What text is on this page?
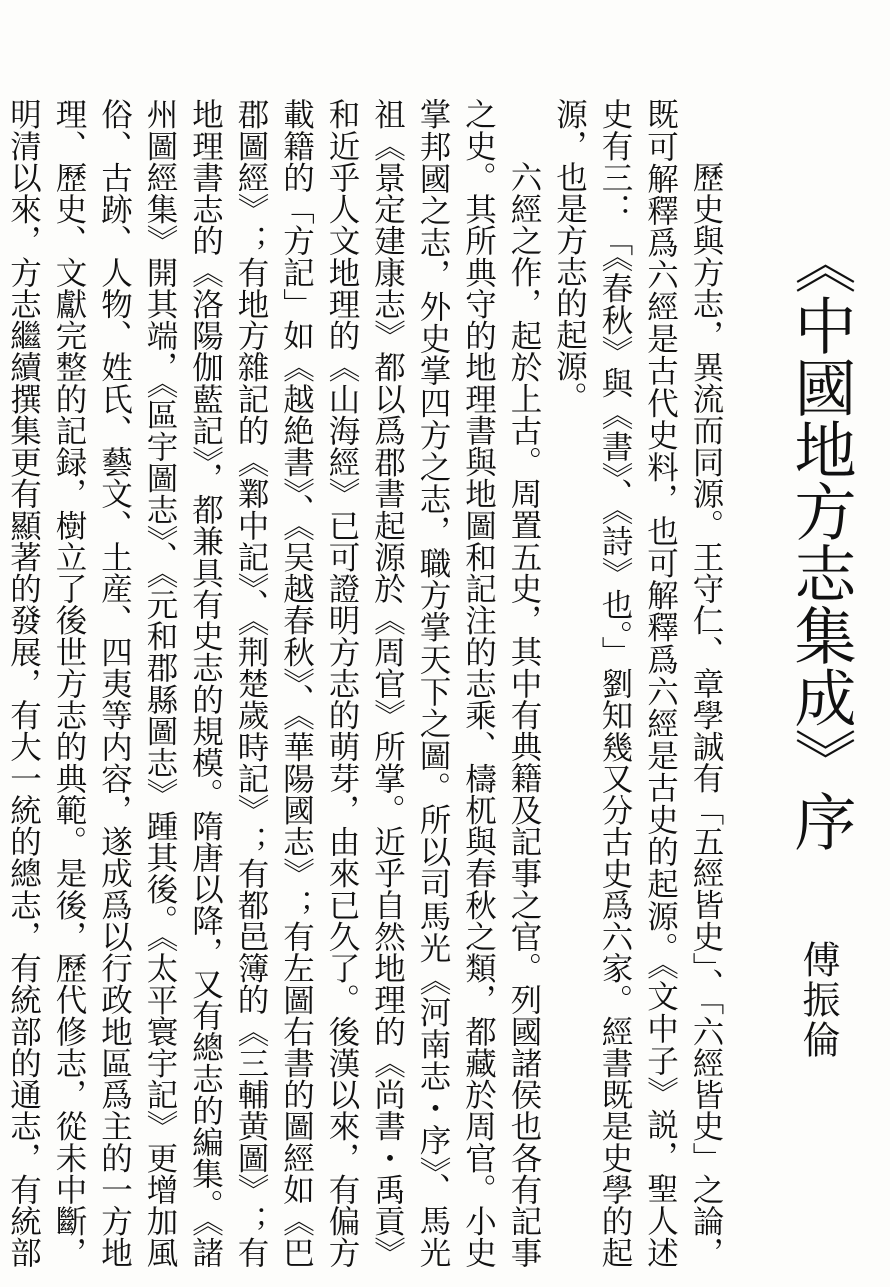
《中國地方志集成》序
傅振倫

歷史與方志，異流而同源。王守仁、章學誠有「五經皆史」、「六經皆史」之論，既可解釋爲六經是古代史料，也可解釋爲六經是古史的起源。《文中子》説，聖人述史有三：「《春秋》與《書》、《詩》也。」劉知幾又分古史爲六家。經書既是史學的起源，也是方志的起源。

六經之作，起於上古。周置五史，其中有典籍及記事之官。列國諸侯也各有記事之史。其所典守的地理書與地圖和記注的志乘、檮杌與春秋之類，都藏於周官。小史掌邦國之志，外史掌四方之志，職方掌天下之圖。所以司馬光《河南志・序》、馬光祖《景定建康志》都以爲郡書起源於《周官》所掌。近乎自然地理的《尚書・禹貢》和近乎人文地理的《山海經》已可證明方志的萌芽，由來已久了。後漢以來，有偏方載籍的「方記」如《越絶書》、《吴越春秋》、《華陽國志》；有左圖右書的圖經如《巴郡圖經》；有地方雜記的《鄴中記》、《荆楚歲時記》；有都邑簿的《三輔黄圖》；有地理書志的《洛陽伽藍記》，都兼具有史志的規模。隋唐以降，又有總志的編集。《諸州圖經集》開其端，《區宇圖志》、《元和郡縣圖志》踵其後。《太平寰宇記》更增加風俗、古跡、人物、姓氏、藝文、土産、四夷等内容，遂成爲以行政地區爲主的一方地理、歷史、文獻完整的記録，樹立了後世方志的典範。是後，歷代修志，從未中斷，明清以來，方志繼續撰集更有顯著的發展，有大一統的總志，有統部的通志，有統部
